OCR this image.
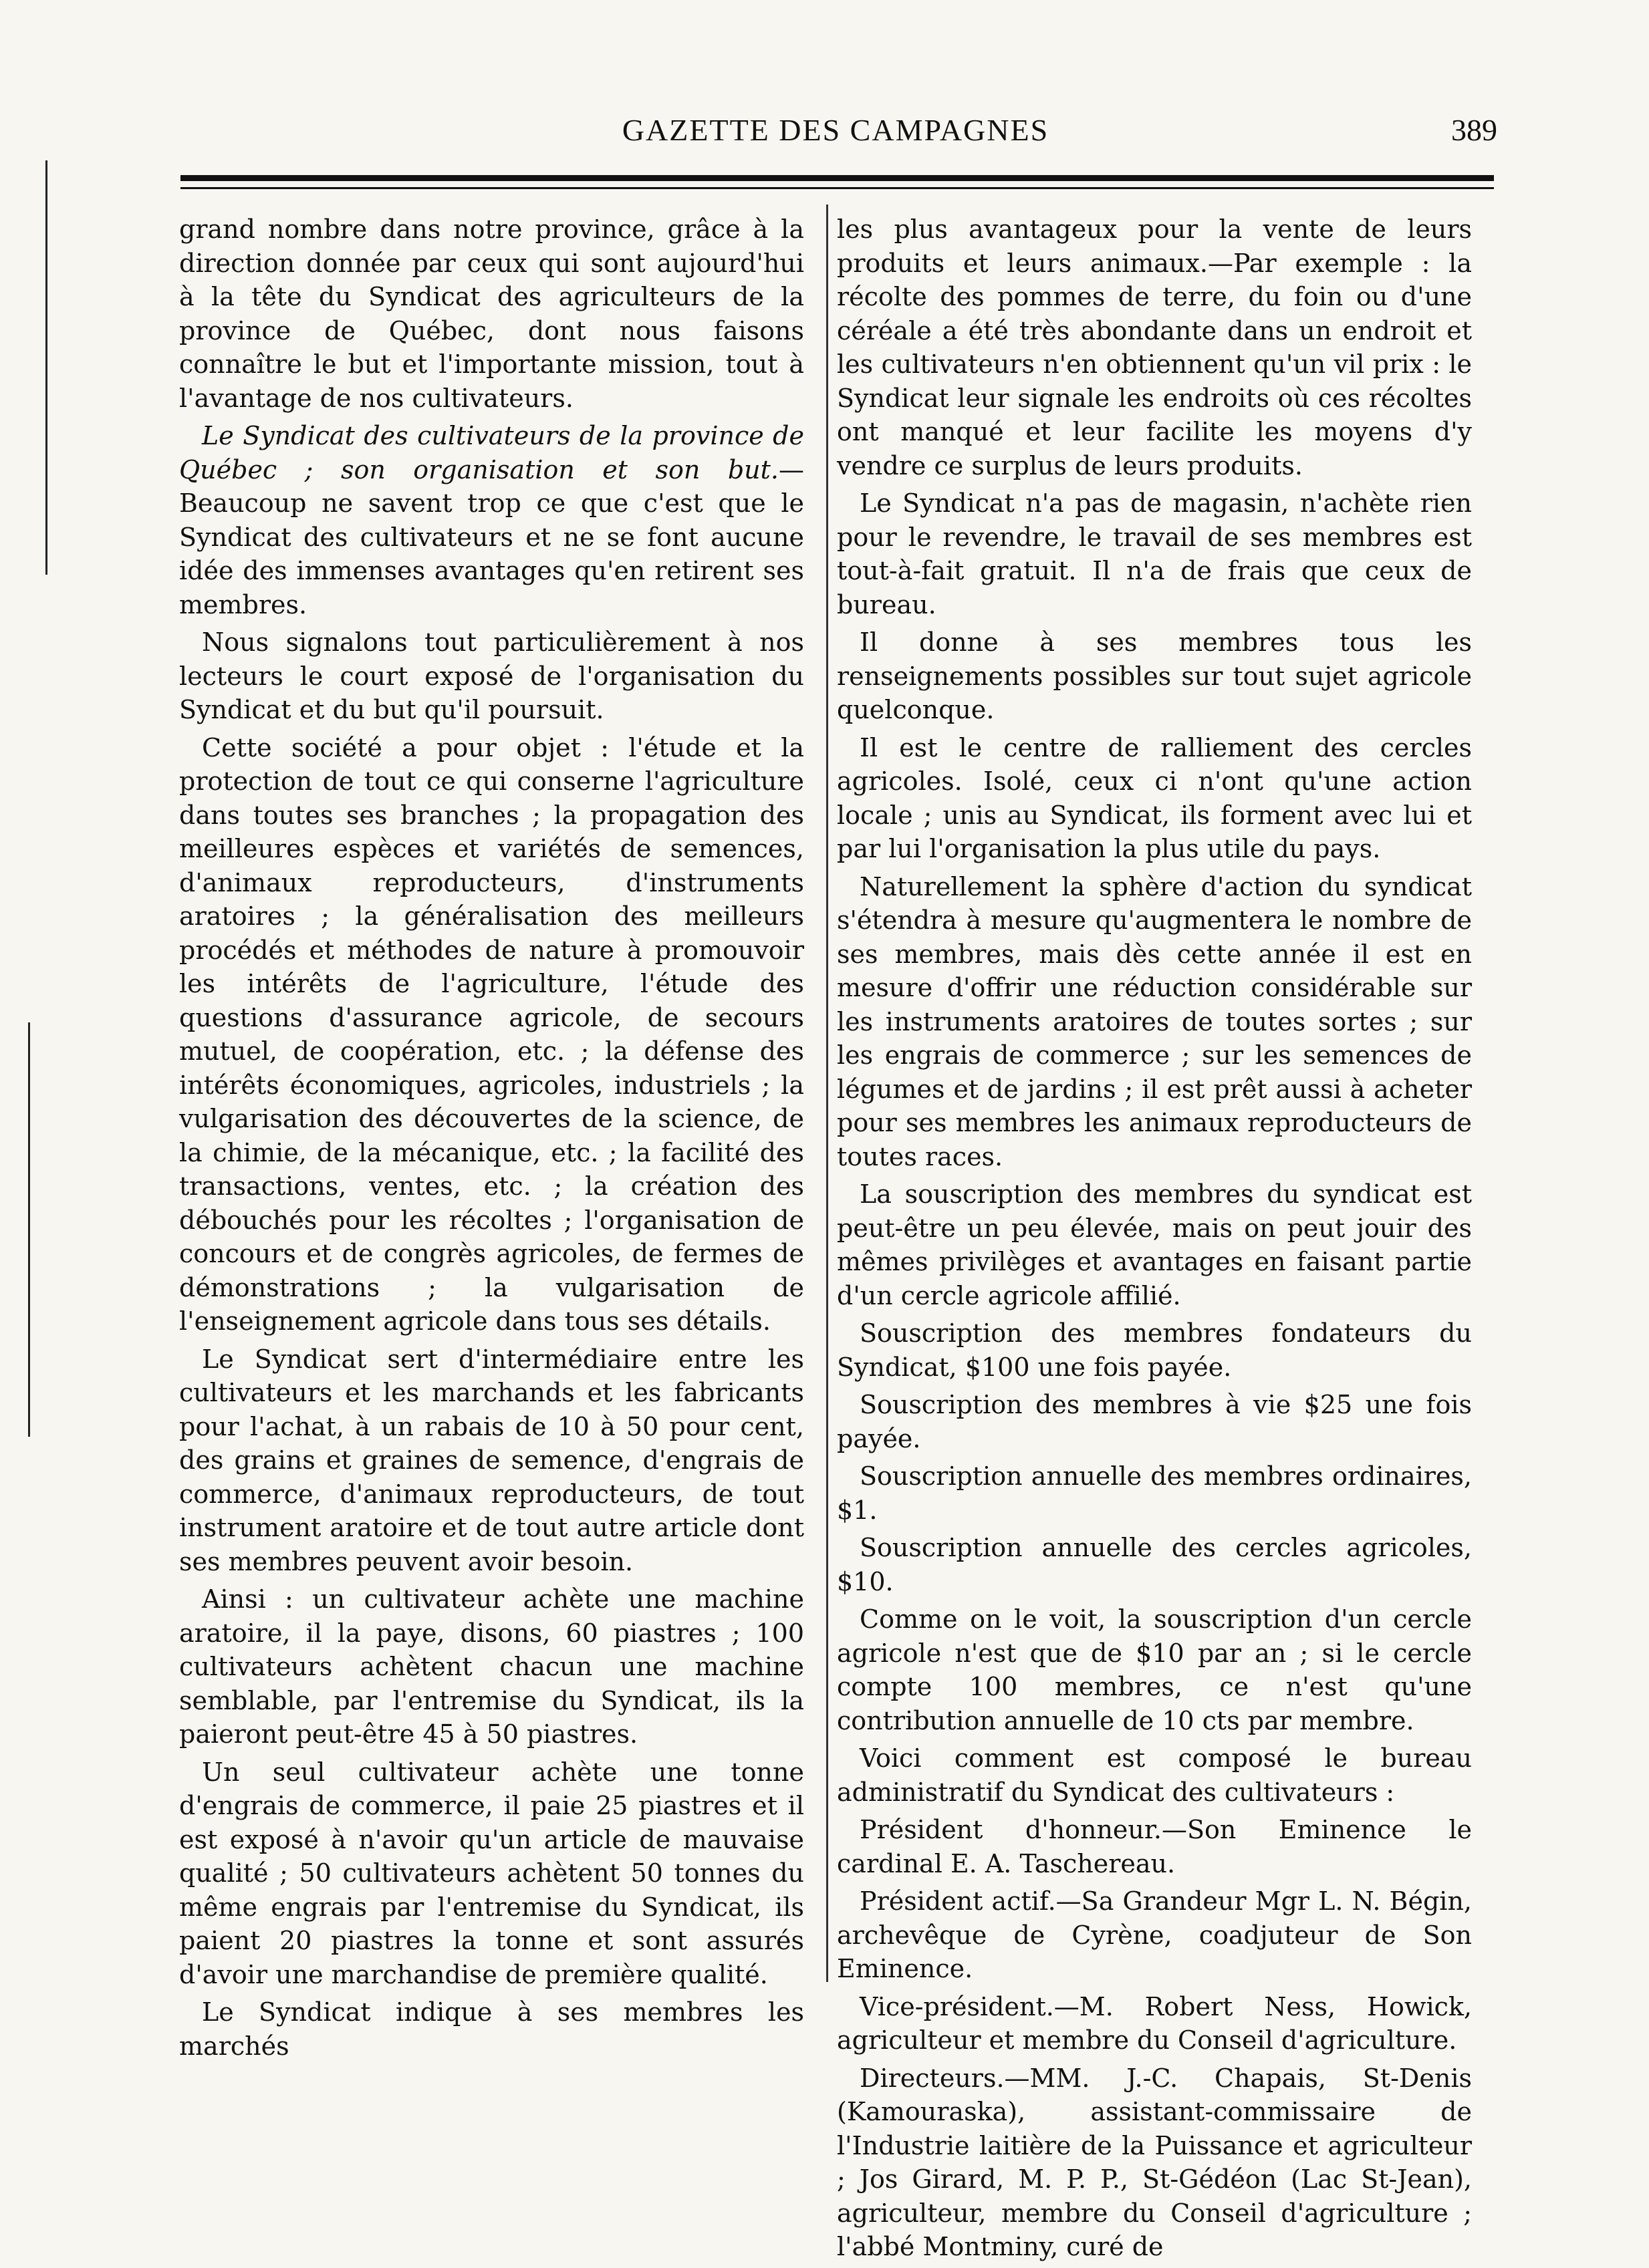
GAZETTE DES CAMPAGNES	389

grand nombre dans notre province, grâce à la direction donnée par ceux qui sont aujourd'hui à la tête du Syndicat des agriculteurs de la province de Québec, dont nous faisons connaître le but et l'importante mission, tout à l'avantage de nos cultivateurs.

Le Syndicat des cultivateurs de la province de Québec ; son organisation et son but.—Beaucoup ne savent trop ce que c'est que le Syndicat des cultivateurs et ne se font aucune idée des immenses avantages qu'en retirent ses membres.

Nous signalons tout particulièrement à nos lecteurs le court exposé de l'organisation du Syndicat et du but qu'il poursuit.

Cette société a pour objet : l'étude et la protection de tout ce qui conserne l'agriculture dans toutes ses branches ; la propagation des meilleures espèces et variétés de semences, d'animaux reproducteurs, d'instruments aratoires ; la généralisation des meilleurs procédés et méthodes de nature à promouvoir les intérêts de l'agriculture, l'étude des questions d'assurance agricole, de secours mutuel, de coopération, etc. ; la défense des intérêts économiques, agricoles, industriels ; la vulgarisation des découvertes de la science, de la chimie, de la mécanique, etc. ; la facilité des transactions, ventes, etc. ; la création des débouchés pour les récoltes ; l'organisation de concours et de congrès agricoles, de fermes de démonstrations ; la vulgarisation de l'enseignement agricole dans tous ses détails.

Le Syndicat sert d'intermédiaire entre les cultivateurs et les marchands et les fabricants pour l'achat, à un rabais de 10 à 50 pour cent, des grains et graines de semence, d'engrais de commerce, d'animaux reproducteurs, de tout instrument aratoire et de tout autre article dont ses membres peuvent avoir besoin.

Ainsi : un cultivateur achète une machine aratoire, il la paye, disons, 60 piastres ; 100 cultivateurs achètent chacun une machine semblable, par l'entremise du Syndicat, ils la paieront peut-être 45 à 50 piastres.

Un seul cultivateur achète une tonne d'engrais de commerce, il paie 25 piastres et il est exposé à n'avoir qu'un article de mauvaise qualité ; 50 cultivateurs achètent 50 tonnes du même engrais par l'entremise du Syndicat, ils paient 20 piastres la tonne et sont assurés d'avoir une marchandise de première qualité.

Le Syndicat indique à ses membres les marchés

les plus avantageux pour la vente de leurs produits et leurs animaux.—Par exemple : la récolte des pommes de terre, du foin ou d'une céréale a été très abondante dans un endroit et les cultivateurs n'en obtiennent qu'un vil prix : le Syndicat leur signale les endroits où ces récoltes ont manqué et leur facilite les moyens d'y vendre ce surplus de leurs produits.

Le Syndicat n'a pas de magasin, n'achète rien pour le revendre, le travail de ses membres est tout-à-fait gratuit. Il n'a de frais que ceux de bureau.

Il donne à ses membres tous les renseignements possibles sur tout sujet agricole quelconque.

Il est le centre de ralliement des cercles agricoles. Isolé, ceux ci n'ont qu'une action locale ; unis au Syndicat, ils forment avec lui et par lui l'organisation la plus utile du pays.

Naturellement la sphère d'action du syndicat s'étendra à mesure qu'augmentera le nombre de ses membres, mais dès cette année il est en mesure d'offrir une réduction considérable sur les instruments aratoires de toutes sortes ; sur les engrais de commerce ; sur les semences de légumes et de jardins ; il est prêt aussi à acheter pour ses membres les animaux reproducteurs de toutes races.

La souscription des membres du syndicat est peut-être un peu élevée, mais on peut jouir des mêmes privilèges et avantages en faisant partie d'un cercle agricole affilié.

Souscription des membres fondateurs du Syndicat, $100 une fois payée.

Souscription des membres à vie $25 une fois payée.

Souscription annuelle des membres ordinaires, $1.

Souscription annuelle des cercles agricoles, $10.

Comme on le voit, la souscription d'un cercle agricole n'est que de $10 par an ; si le cercle compte 100 membres, ce n'est qu'une contribution annuelle de 10 cts par membre.

Voici comment est composé le bureau administratif du Syndicat des cultivateurs :

Président d'honneur.—Son Eminence le cardinal E. A. Taschereau.

Président actif.—Sa Grandeur Mgr L. N. Bégin, archevêque de Cyrène, coadjuteur de Son Eminence.

Vice-président.—M. Robert Ness, Howick, agriculteur et membre du Conseil d'agriculture.

Directeurs.—MM. J.-C. Chapais, St-Denis (Kamouraska), assistant-commissaire de l'Industrie laitière de la Puissance et agriculteur ; Jos Girard, M. P. P., St-Gédéon (Lac St-Jean), agriculteur, membre du Conseil d'agriculture ; l'abbé Montminy, curé de
